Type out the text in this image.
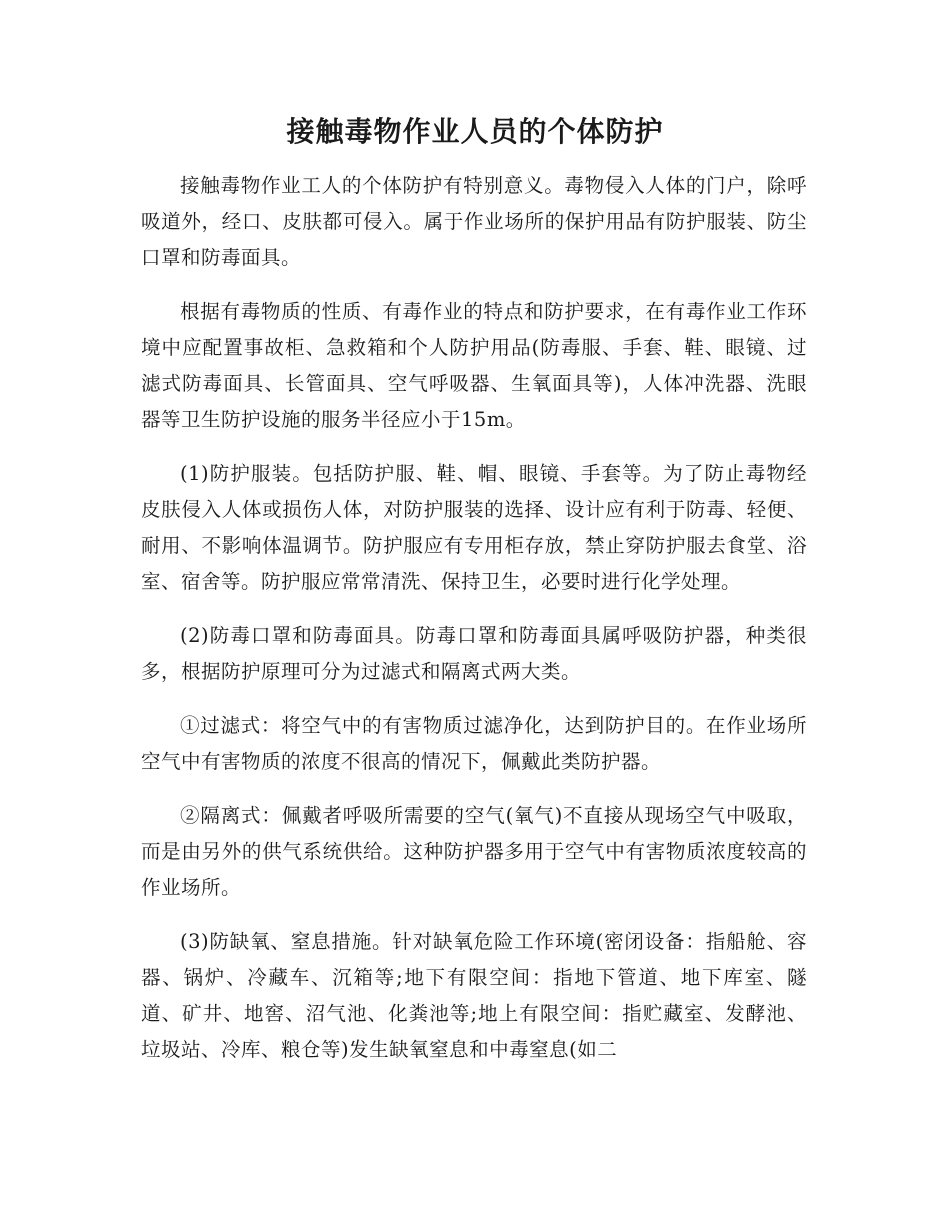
接触毒物作业人员的个体防护

接触毒物作业工人的个体防护有特别意义。毒物侵入人体的门户，除呼吸道外，经口、皮肤都可侵入。属于作业场所的保护用品有防护服装、防尘口罩和防毒面具。

根据有毒物质的性质、有毒作业的特点和防护要求，在有毒作业工作环境中应配置事故柜、急救箱和个人防护用品(防毒服、手套、鞋、眼镜、过滤式防毒面具、长管面具、空气呼吸器、生氧面具等)，人体冲洗器、洗眼器等卫生防护设施的服务半径应小于15m。

(1)防护服装。包括防护服、鞋、帽、眼镜、手套等。为了防止毒物经皮肤侵入人体或损伤人体，对防护服装的选择、设计应有利于防毒、轻便、耐用、不影响体温调节。防护服应有专用柜存放，禁止穿防护服去食堂、浴室、宿舍等。防护服应常常清洗、保持卫生，必要时进行化学处理。

(2)防毒口罩和防毒面具。防毒口罩和防毒面具属呼吸防护器，种类很多，根据防护原理可分为过滤式和隔离式两大类。

①过滤式：将空气中的有害物质过滤净化，达到防护目的。在作业场所空气中有害物质的浓度不很高的情况下，佩戴此类防护器。

②隔离式：佩戴者呼吸所需要的空气(氧气)不直接从现场空气中吸取，而是由另外的供气系统供给。这种防护器多用于空气中有害物质浓度较高的作业场所。

(3)防缺氧、窒息措施。针对缺氧危险工作环境(密闭设备：指船舱、容器、锅炉、冷藏车、沉箱等;地下有限空间：指地下管道、地下库室、隧道、矿井、地窖、沼气池、化粪池等;地上有限空间：指贮藏室、发酵池、垃圾站、冷库、粮仓等)发生缺氧窒息和中毒窒息(如二
